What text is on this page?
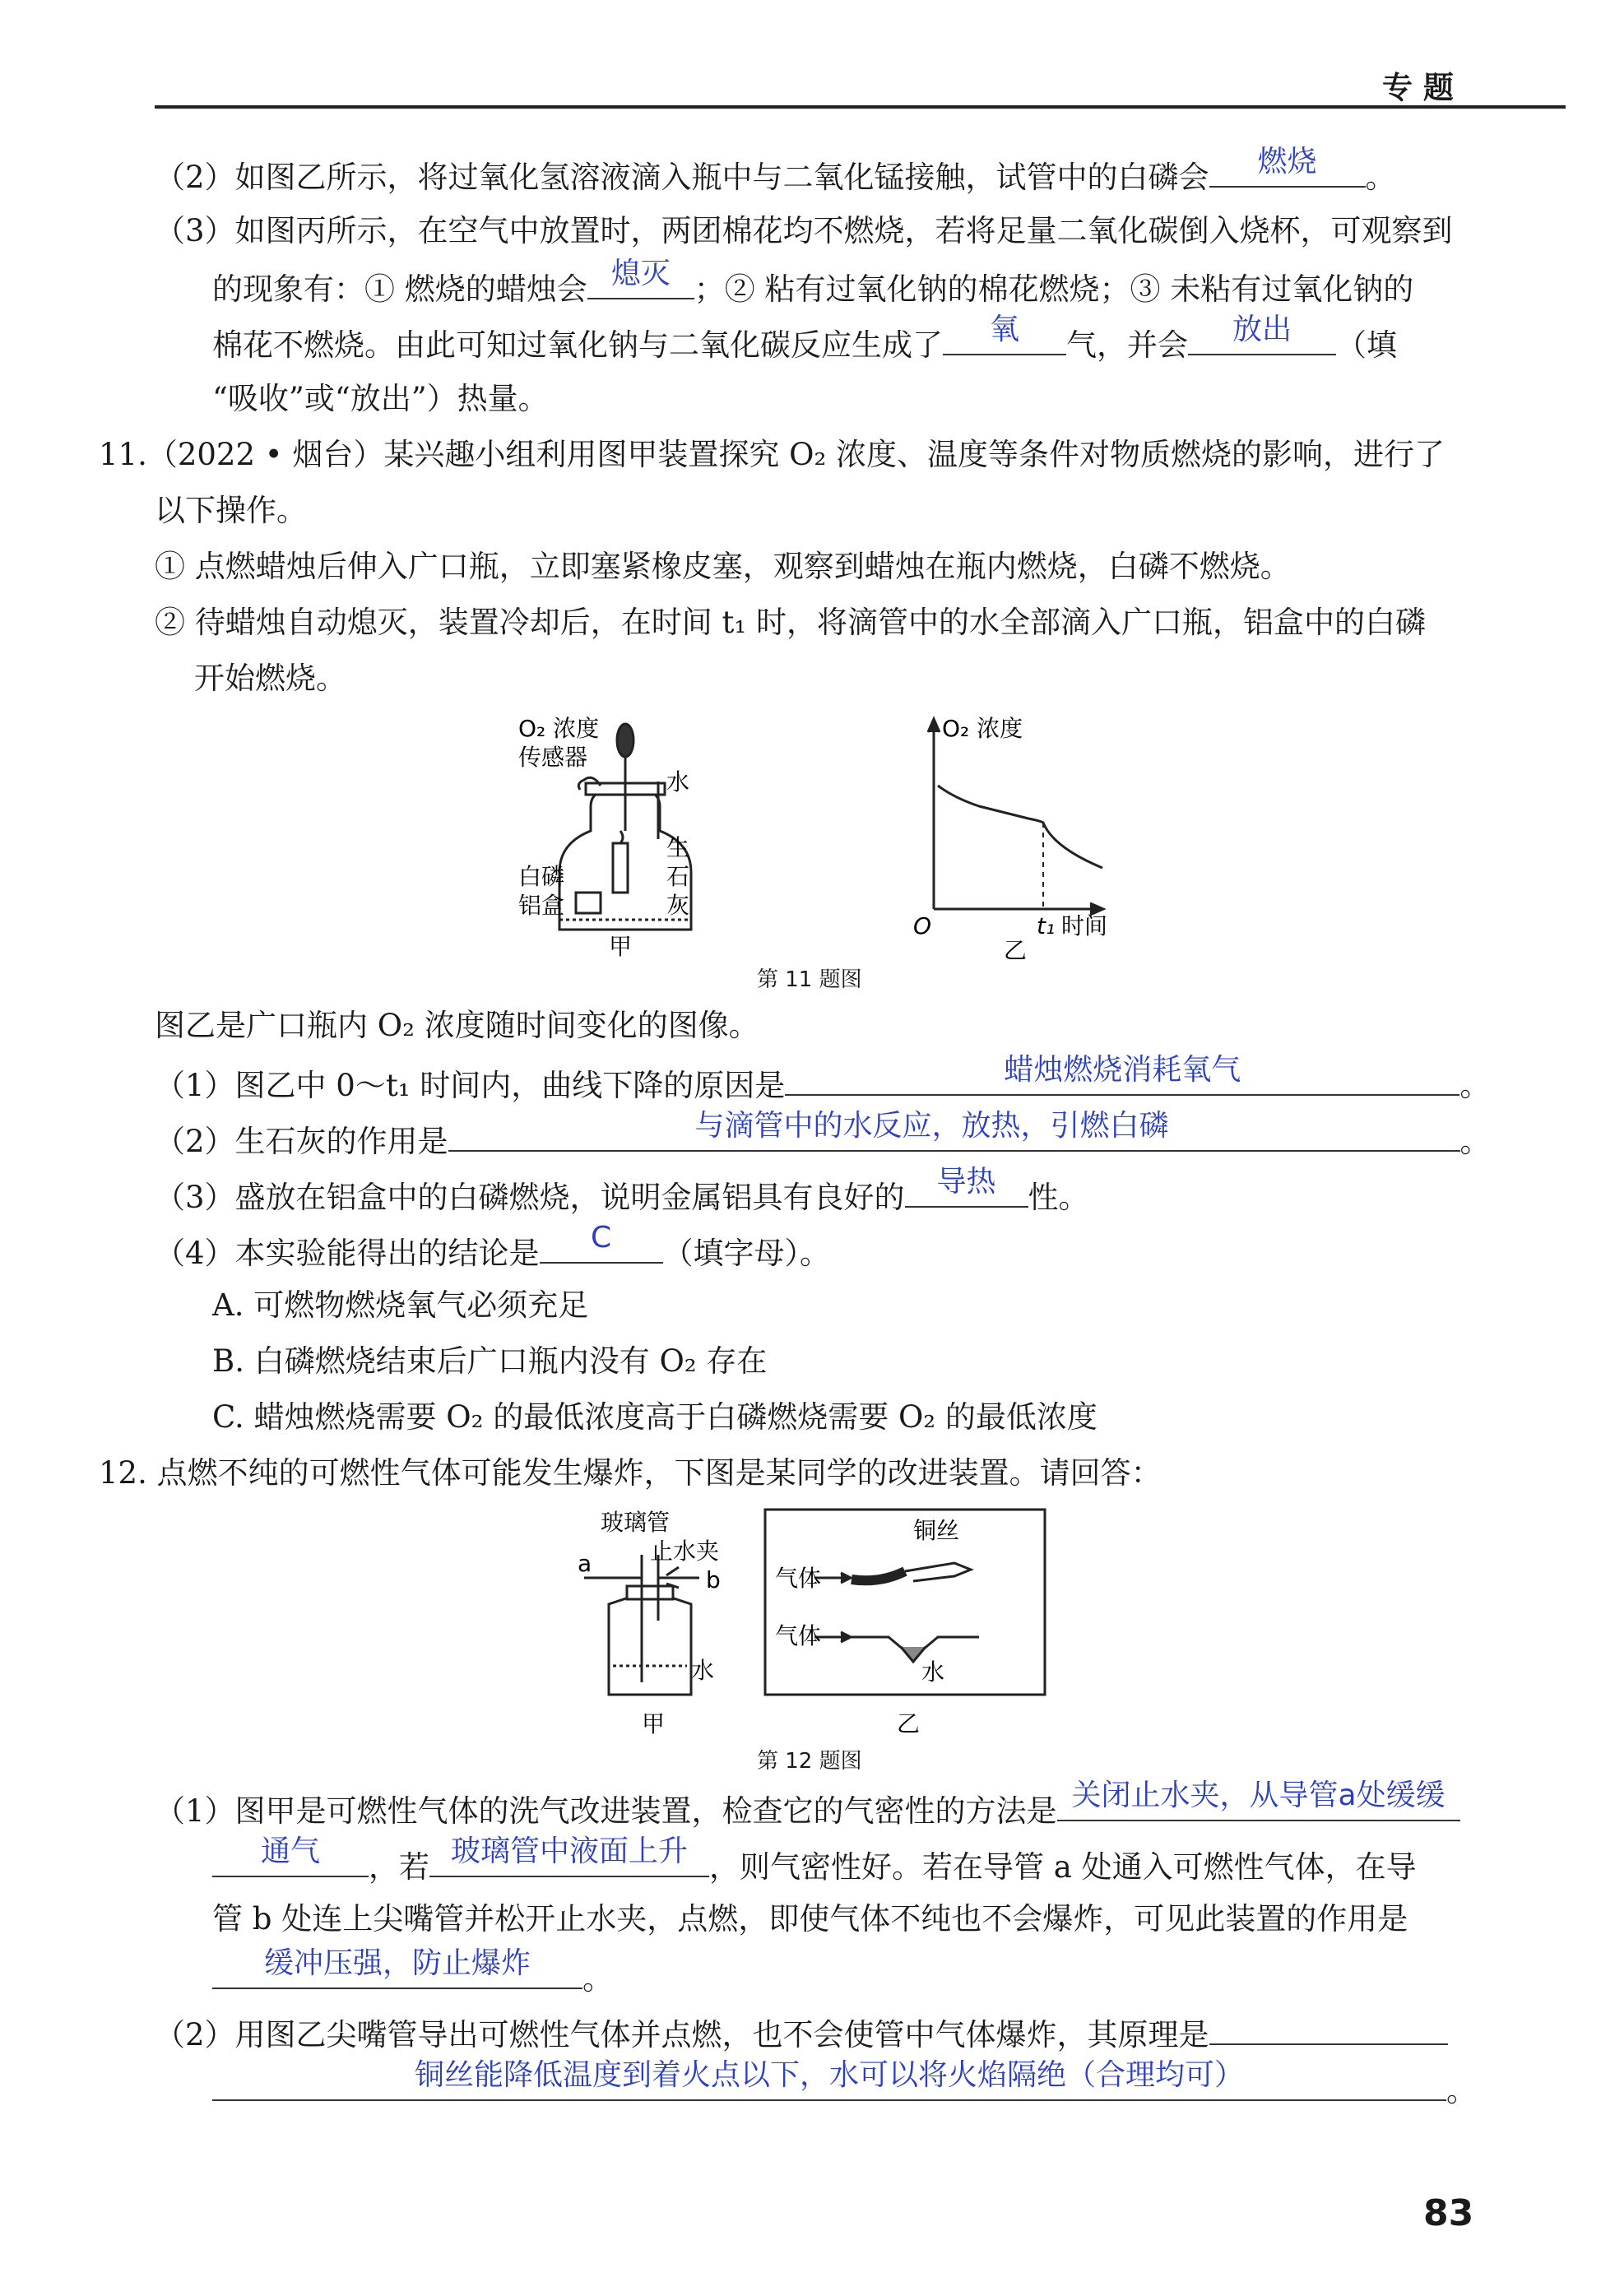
专 题
（2）如图乙所示，将过氧化氢溶液滴入瓶中与二氧化锰接触，试管中的白磷会	燃烧	。
（3）如图丙所示，在空气中放置时，两团棉花均不燃烧，若将足量二氧化碳倒入烧杯，可观察到
的现象有：① 燃烧的蜡烛会 熄灭 ；② 粘有过氧化钠的棉花燃烧；③ 未粘有过氧化钠的
棉花不燃烧。由此可知过氧化钠与二氧化碳反应生成了	氧	气，并会	放出	（填
“吸收”或“放出”）热量。
11.（2022 • 烟台）某兴趣小组利用图甲装置探究 O₂ 浓度、温度等条件对物质燃烧的影响，进行了
以下操作。
① 点燃蜡烛后伸入广口瓶，立即塞紧橡皮塞，观察到蜡烛在瓶内燃烧，白磷不燃烧。
② 待蜡烛自动熄灭，装置冷却后，在时间 t₁ 时，将滴管中的水全部滴入广口瓶，铝盒中的白磷
开始燃烧。
O₂ 浓度
传感器
水
白磷
铝盒
生
石
灰
甲
O₂ 浓度
O	t₁ 时间
乙
第 11 题图
图乙是广口瓶内 O₂ 浓度随时间变化的图像。
（1）图乙中 0～t₁ 时间内，曲线下降的原因是	蜡烛燃烧消耗氧气	。
（2）生石灰的作用是	与滴管中的水反应，放热，引燃白磷	。
（3）盛放在铝盒中的白磷燃烧，说明金属铝具有良好的	导热	性。
（4）本实验能得出的结论是	C	（填字母）。
A. 可燃物燃烧氧气必须充足
B. 白磷燃烧结束后广口瓶内没有 O₂ 存在
C. 蜡烛燃烧需要 O₂ 的最低浓度高于白磷燃烧需要 O₂ 的最低浓度
12. 点燃不纯的可燃性气体可能发生爆炸，下图是某同学的改进装置。请回答：
玻璃管
止水夹
a
b
水
甲
铜丝
气体
气体
水
乙
第 12 题图
（1）图甲是可燃性气体的洗气改进装置，检查它的气密性的方法是 关闭止水夹，从导管a处缓缓
通气	，若 玻璃管中液面上升 ，则气密性好。若在导管 a 处通入可燃性气体，在导
管 b 处连上尖嘴管并松开止水夹，点燃，即使气体不纯也不会爆炸，可见此装置的作用是
缓冲压强，防止爆炸	。
（2）用图乙尖嘴管导出可燃性气体并点燃，也不会使管中气体爆炸，其原理是
铜丝能降低温度到着火点以下，水可以将火焰隔绝（合理均可）	。
83
